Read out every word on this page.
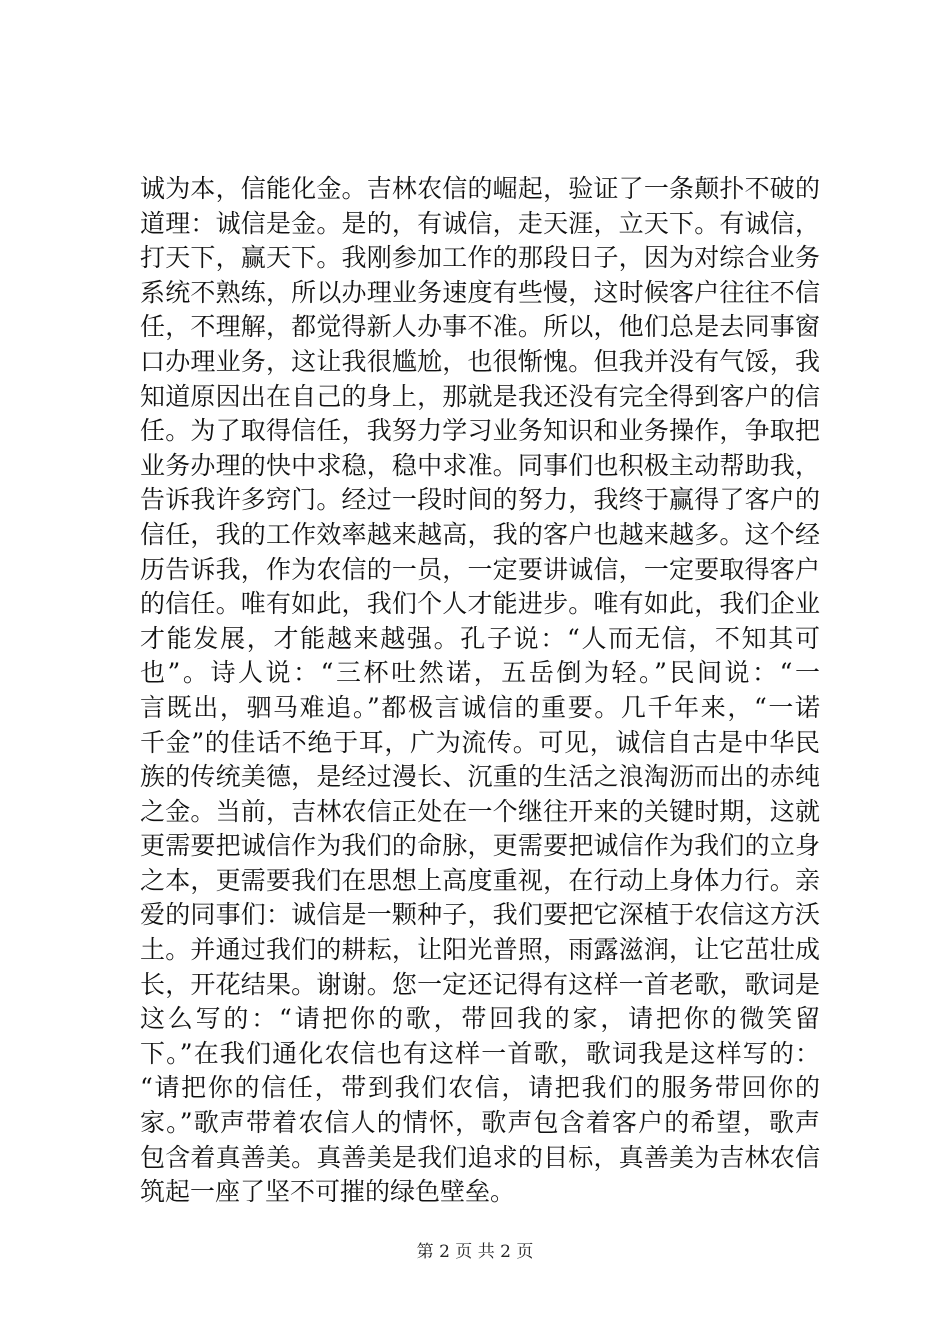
诚为本，信能化金。吉林农信的崛起，验证了一条颠扑不破的
道理：诚信是金。是的，有诚信，走天涯，立天下。有诚信，
打天下，赢天下。我刚参加工作的那段日子，因为对综合业务
系统不熟练，所以办理业务速度有些慢，这时候客户往往不信
任，不理解，都觉得新人办事不准。所以，他们总是去同事窗
口办理业务，这让我很尴尬，也很惭愧。但我并没有气馁，我
知道原因出在自己的身上，那就是我还没有完全得到客户的信
任。为了取得信任，我努力学习业务知识和业务操作，争取把
业务办理的快中求稳，稳中求准。同事们也积极主动帮助我，
告诉我许多窍门。经过一段时间的努力，我终于赢得了客户的
信任，我的工作效率越来越高，我的客户也越来越多。这个经
历告诉我，作为农信的一员，一定要讲诚信，一定要取得客户
的信任。唯有如此，我们个人才能进步。唯有如此，我们企业
才能发展，才能越来越强。孔子说：“人而无信，不知其可
也”。诗人说：“三杯吐然诺，五岳倒为轻。”民间说：“一
言既出，驷马难追。”都极言诚信的重要。几千年来，“一诺
千金”的佳话不绝于耳，广为流传。可见，诚信自古是中华民
族的传统美德，是经过漫长、沉重的生活之浪淘沥而出的赤纯
之金。当前，吉林农信正处在一个继往开来的关键时期，这就
更需要把诚信作为我们的命脉，更需要把诚信作为我们的立身
之本，更需要我们在思想上高度重视，在行动上身体力行。亲
爱的同事们：诚信是一颗种子，我们要把它深植于农信这方沃
土。并通过我们的耕耘，让阳光普照，雨露滋润，让它茁壮成
长，开花结果。谢谢。您一定还记得有这样一首老歌，歌词是
这么写的：“请把你的歌，带回我的家，请把你的微笑留
下。”在我们通化农信也有这样一首歌，歌词我是这样写的：
“请把你的信任，带到我们农信，请把我们的服务带回你的
家。”歌声带着农信人的情怀，歌声包含着客户的希望，歌声
包含着真善美。真善美是我们追求的目标，真善美为吉林农信
筑起一座了坚不可摧的绿色壁垒。
第 2 页 共 2 页
